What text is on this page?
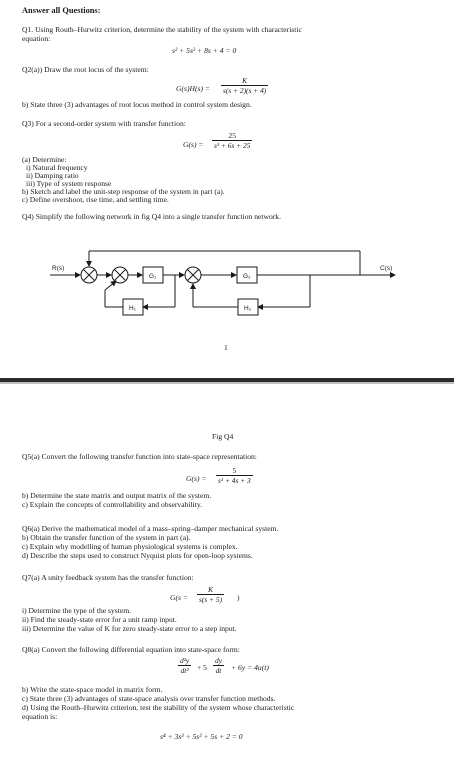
Answer all Questions:
Q1. Using Routh–Hurwitz criterion, determine the stability of the system with characteristic
equation:
s² + 5s² + 8s + 4 = 0
Q2(a)) Draw the root locus of the system:
$G(s)H(s) = \frac{K}{s(s + 2)(s + 4)}$
b) State three (3) advantages of root locus method in control system design.
Q3) For a second-order system with transfer function:
$G(s) = \frac{25}{\text{s² + 6s + 25}}$
(a) Determine:
i) Natural frequency
ii) Damping ratio
iii) Type of system response
b) Sketch and label the unit-step response of the system in part (a).
c) Define overshoot, rise time, and settling time.
Q4) Simplify the following network in fig Q4 into a single transfer function network.
R(s)	C(s)
G₁	G₂
H₁	H₂
1
Fig Q4
Q5(a) Convert the following transfer function into state-space representation:
$G(s) = \frac{5}{\text{s² + 4s + 3}}$
b) Determine the state matrix and output matrix of the system.
c) Explain the concepts of controllability and observability.
Q6(a) Derive the mathematical model of a mass–spring–damper mechanical system.
b) Obtain the transfer function of the system in part (a).
c) Explain why modelling of human physiological systems is complex.
d) Describe the steps used to construct Nyquist plots for open-loop systems.
Q7(a) A unity feedback system has the transfer function:
$G(s = \frac{K}{s(s + 5)}$ )
i) Determine the type of the system.
ii) Find the steady-state error for a unit ramp input.
iii) Determine the value of K for zero steady-state error to a step input.
Q8(a) Convert the following differential equation into state-space form:
$\frac{\text{d²y}}{\text{dt²}} + 5 \frac{dy}{dt} + 6y = 4u(t)$
b) Write the state-space model in matrix form.
c) State three (3) advantages of state-space analysis over transfer function methods.
d) Using the Routh–Hurwitz criterion, test the stability of the system whose characteristic
equation is:
s⁴ + 3s³ + 5s² + 5s + 2 = 0
